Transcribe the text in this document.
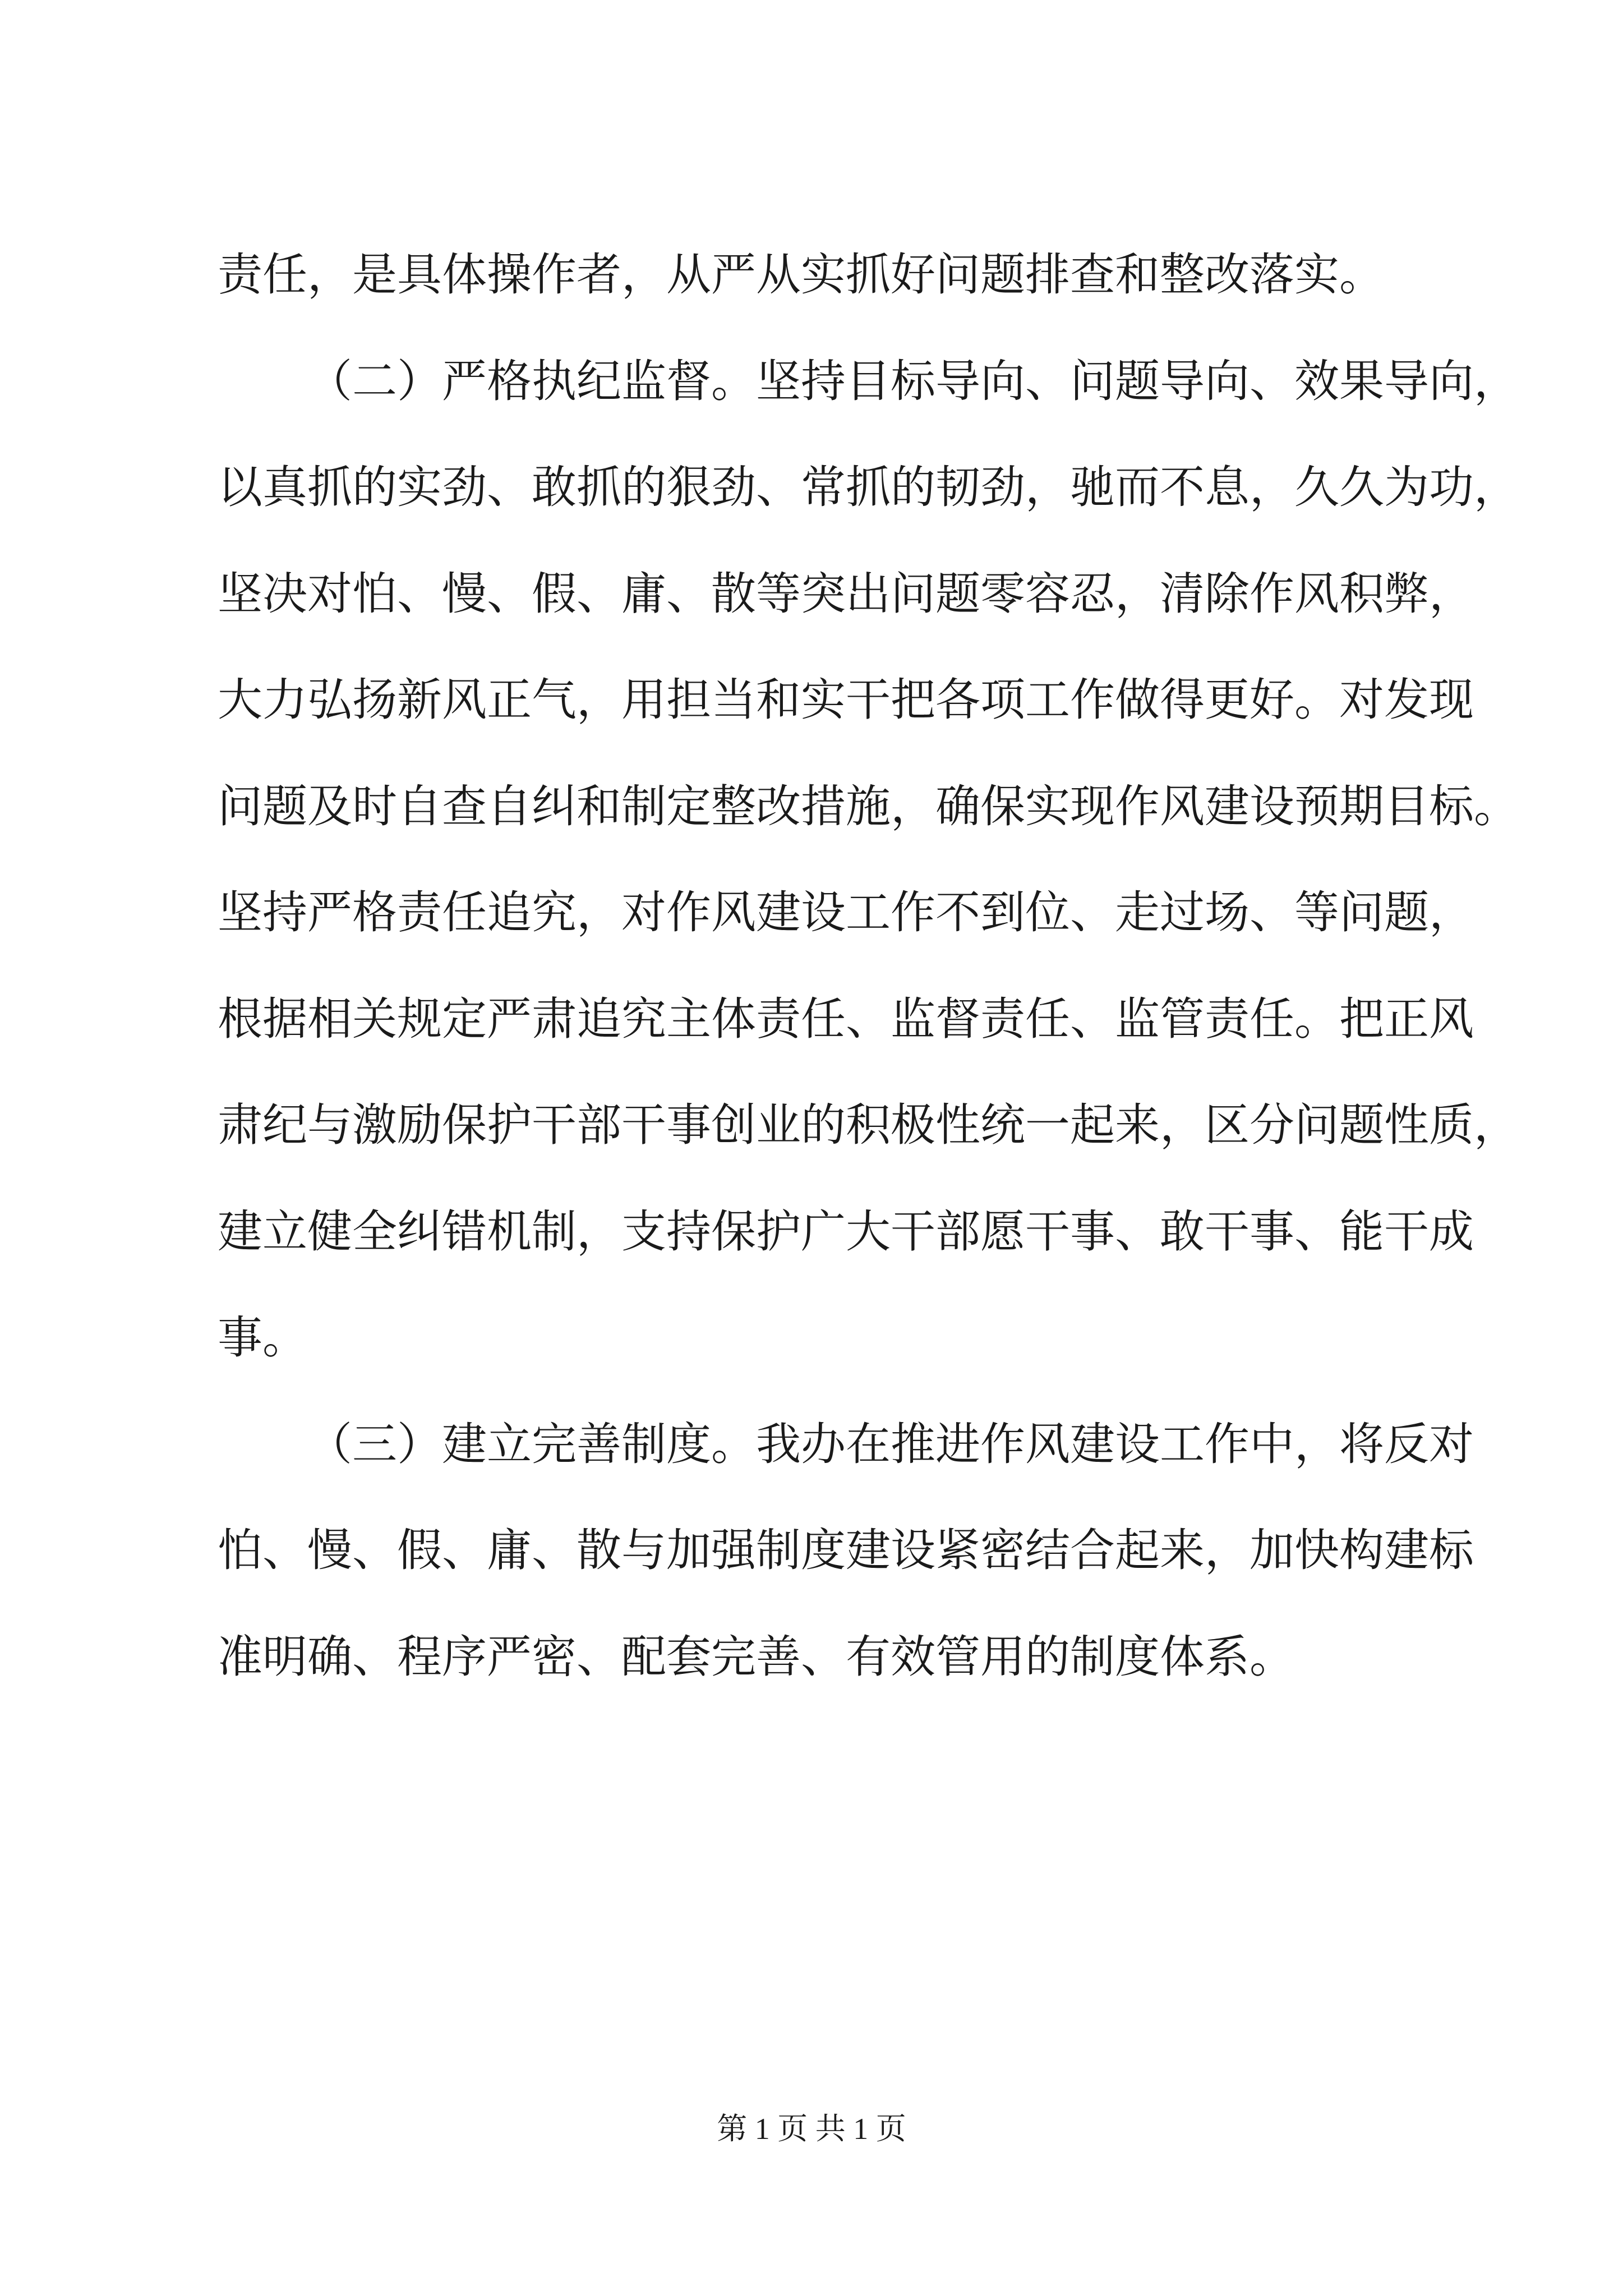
责任，是具体操作者，从严从实抓好问题排查和整改落实。
（二）严格执纪监督。坚持目标导向、问题导向、效果导向，
以真抓的实劲、敢抓的狠劲、常抓的韧劲，驰而不息，久久为功，
坚决对怕、慢、假、庸、散等突出问题零容忍，清除作风积弊，
大力弘扬新风正气，用担当和实干把各项工作做得更好。对发现
问题及时自查自纠和制定整改措施，确保实现作风建设预期目标。
坚持严格责任追究，对作风建设工作不到位、走过场、等问题，
根据相关规定严肃追究主体责任、监督责任、监管责任。把正风
肃纪与激励保护干部干事创业的积极性统一起来，区分问题性质，
建立健全纠错机制，支持保护广大干部愿干事、敢干事、能干成
事。
（三）建立完善制度。我办在推进作风建设工作中，将反对
怕、慢、假、庸、散与加强制度建设紧密结合起来，加快构建标
准明确、程序严密、配套完善、有效管用的制度体系。
第 1 页 共 1 页
